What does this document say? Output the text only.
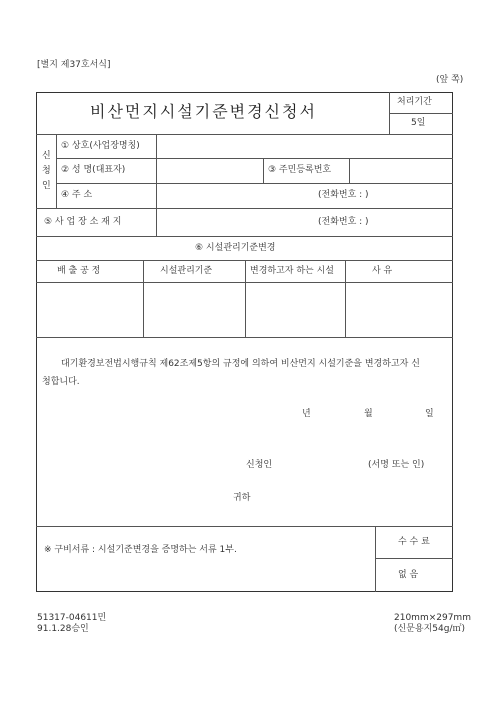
[별지 제37호서식]
(앞 쪽)
비산먼지시설기준변경신청서	처리기간
5일
신
청
인
① 상호(사업장명칭)
② 성 명(대표자)	③ 주민등록번호
④ 주 소	(전화번호 : )
⑤ 사 업 장 소 재 지	(전화번호 : )
⑥ 시설관리기준변경
배 출 공 정	시설관리기준	변경하고자 하는 시설	사 유
대기환경보전법시행규칙 제62조제5항의 규정에 의하여 비산먼지 시설기준을 변경하고자 신
청합니다.
년	월	일
신청인	(서명 또는 인)
귀하
※ 구비서류 : 시설기준변경을 증명하는 서류 1부.
수 수 료
없 음
51317-04611민
91.1.28승인
210mm×297mm
(신문용지54g/㎡)
